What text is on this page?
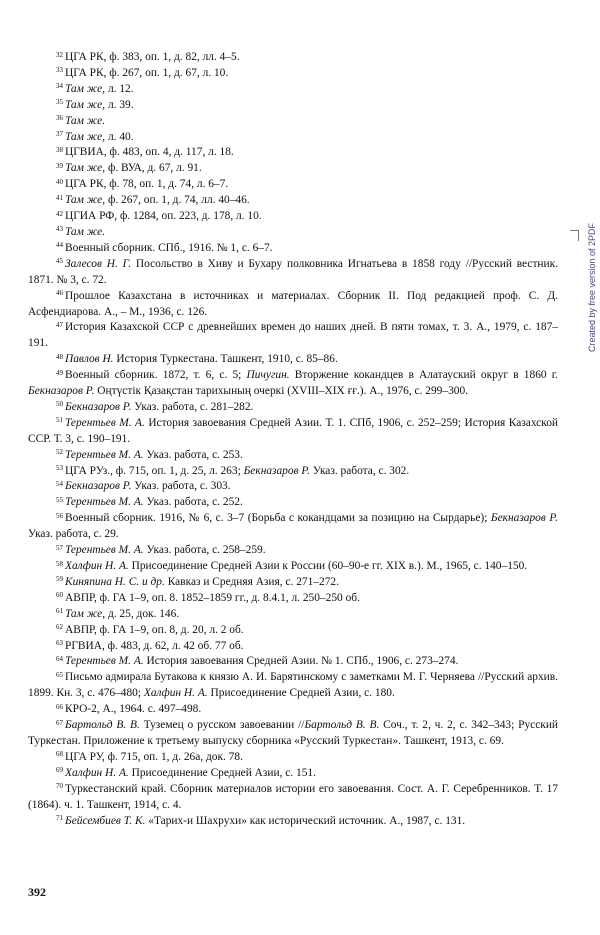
$^{32}$ ЦГА РК, ф. 383, оп. 1, д. 82, лл. 4–5.

$^{33}$ ЦГА РК, ф. 267, оп. 1, д. 67, л. 10.

$^{34}$ Там же, л. 12.

$^{35}$ Там же, л. 39.

$^{36}$ Там же.

$^{37}$ Там же, л. 40.

$^{38}$ ЦГВИА, ф. 483, оп. 4, д. 117, л. 18.

$^{39}$ Там же, ф. ВУА, д. 67, л. 91.

$^{40}$ ЦГА РК, ф. 78, оп. 1, д. 74, л. 6–7.

$^{41}$ Там же, ф. 267, оп. 1, д. 74, лл. 40–46.

$^{42}$ ЦГИА РФ, ф. 1284, оп. 223, д. 178, л. 10.

$^{43}$ Там же.

$^{44}$ Военный сборник. СПб., 1916. № 1, с. 6–7.

$^{45}$ Залесов Н. Г. Посольство в Хиву и Бухару полковника Игнатьева в 1858 году //Русский вестник. 1871. № 3, с. 72.

$^{46}$ Прошлое Казахстана в источниках и материалах. Сборник II. Под редакцией проф. С. Д. Асфендиарова. А., – М., 1936, с. 126.

$^{47}$ История Казахской ССР с древнейших времен до наших дней. В пяти томах, т. 3. А., 1979, с. 187–191.

$^{48}$ Павлов Н. История Туркестана. Ташкент, 1910, с. 85–86.

$^{49}$ Военный сборник. 1872, т. 6, с. 5; Пичугин. Вторжение кокандцев в Алатауский округ в 1860 г. Бекназаров Р. Оңтүстік Қазақстан тарихының очеркі (XVIII–XIX ғғ.). А., 1976, с. 299–300.

$^{50}$ Бекназаров Р. Указ. работа, с. 281–282.

$^{51}$ Терентьев М. А. История завоевания Средней Азии. Т. 1. СПб, 1906, с. 252–259; История Казахской ССР. Т. 3, с. 190–191.

$^{52}$ Терентьев М. А. Указ. работа, с. 253.

$^{53}$ ЦГА РУз., ф. 715, оп. 1, д. 25, л. 263; Бекназаров Р. Указ. работа, с. 302.

$^{54}$ Бекназаров Р. Указ. работа, с. 303.

$^{55}$ Терентьев М. А. Указ. работа, с. 252.

$^{56}$ Военный сборник. 1916, № 6, с. 3–7 (Борьба с кокандцами за позицию на Сырдарье); Бекназаров Р. Указ. работа, с. 29.

$^{57}$ Терентьев М. А. Указ. работа, с. 258–259.

$^{58}$ Халфин Н. А. Присоединение Средней Азии к России (60–90-е гг. XIX в.). М., 1965, с. 140–150.

$^{59}$ Киняпина Н. С. и др. Кавказ и Средняя Азия, с. 271–272.

$^{60}$ АВПР, ф. ГА 1–9, оп. 8. 1852–1859 гг., д. 8.4.1, л. 250–250 об.

$^{61}$ Там же, д. 25, док. 146.

$^{62}$ АВПР, ф. ГА 1–9, оп. 8, д. 20, л. 2 об.

$^{63}$ РГВИА, ф. 483, д. 62, л. 42 об. 77 об.

$^{64}$ Терентьев М. А. История завоевания Средней Азии. № 1. СПб., 1906, с. 273–274.

$^{65}$ Письмо адмирала Бутакова к князю А. И. Барятинскому с заметками М. Г. Черняева //Русский архив. 1899. Кн. 3, с. 476–480; Халфин Н. А. Присоединение Средней Азии, с. 180.

$^{66}$ КРО-2, А., 1964. с. 497–498.

$^{67}$ Бартольд В. В. Туземец о русском завоевании //Бартольд В. В. Соч., т. 2, ч. 2, с. 342–343; Русский Туркестан. Приложение к третьему выпуску сборника «Русский Туркестан». Ташкент, 1913, с. 69.

$^{68}$ ЦГА РУ, ф. 715, оп. 1, д. 26а, док. 78.

$^{69}$ Халфин Н. А. Присоединение Средней Азии, с. 151.

$^{70}$ Туркестанский край. Сборник материалов истории его завоевания. Сост. А. Г. Серебренников. Т. 17 (1864). ч. 1. Ташкент, 1914, с. 4.

$^{71}$ Бейсембиев Т. К. «Тарих-и Шахрухи» как исторический источник. А., 1987, с. 131.

392
Created by free version of 2PDF
